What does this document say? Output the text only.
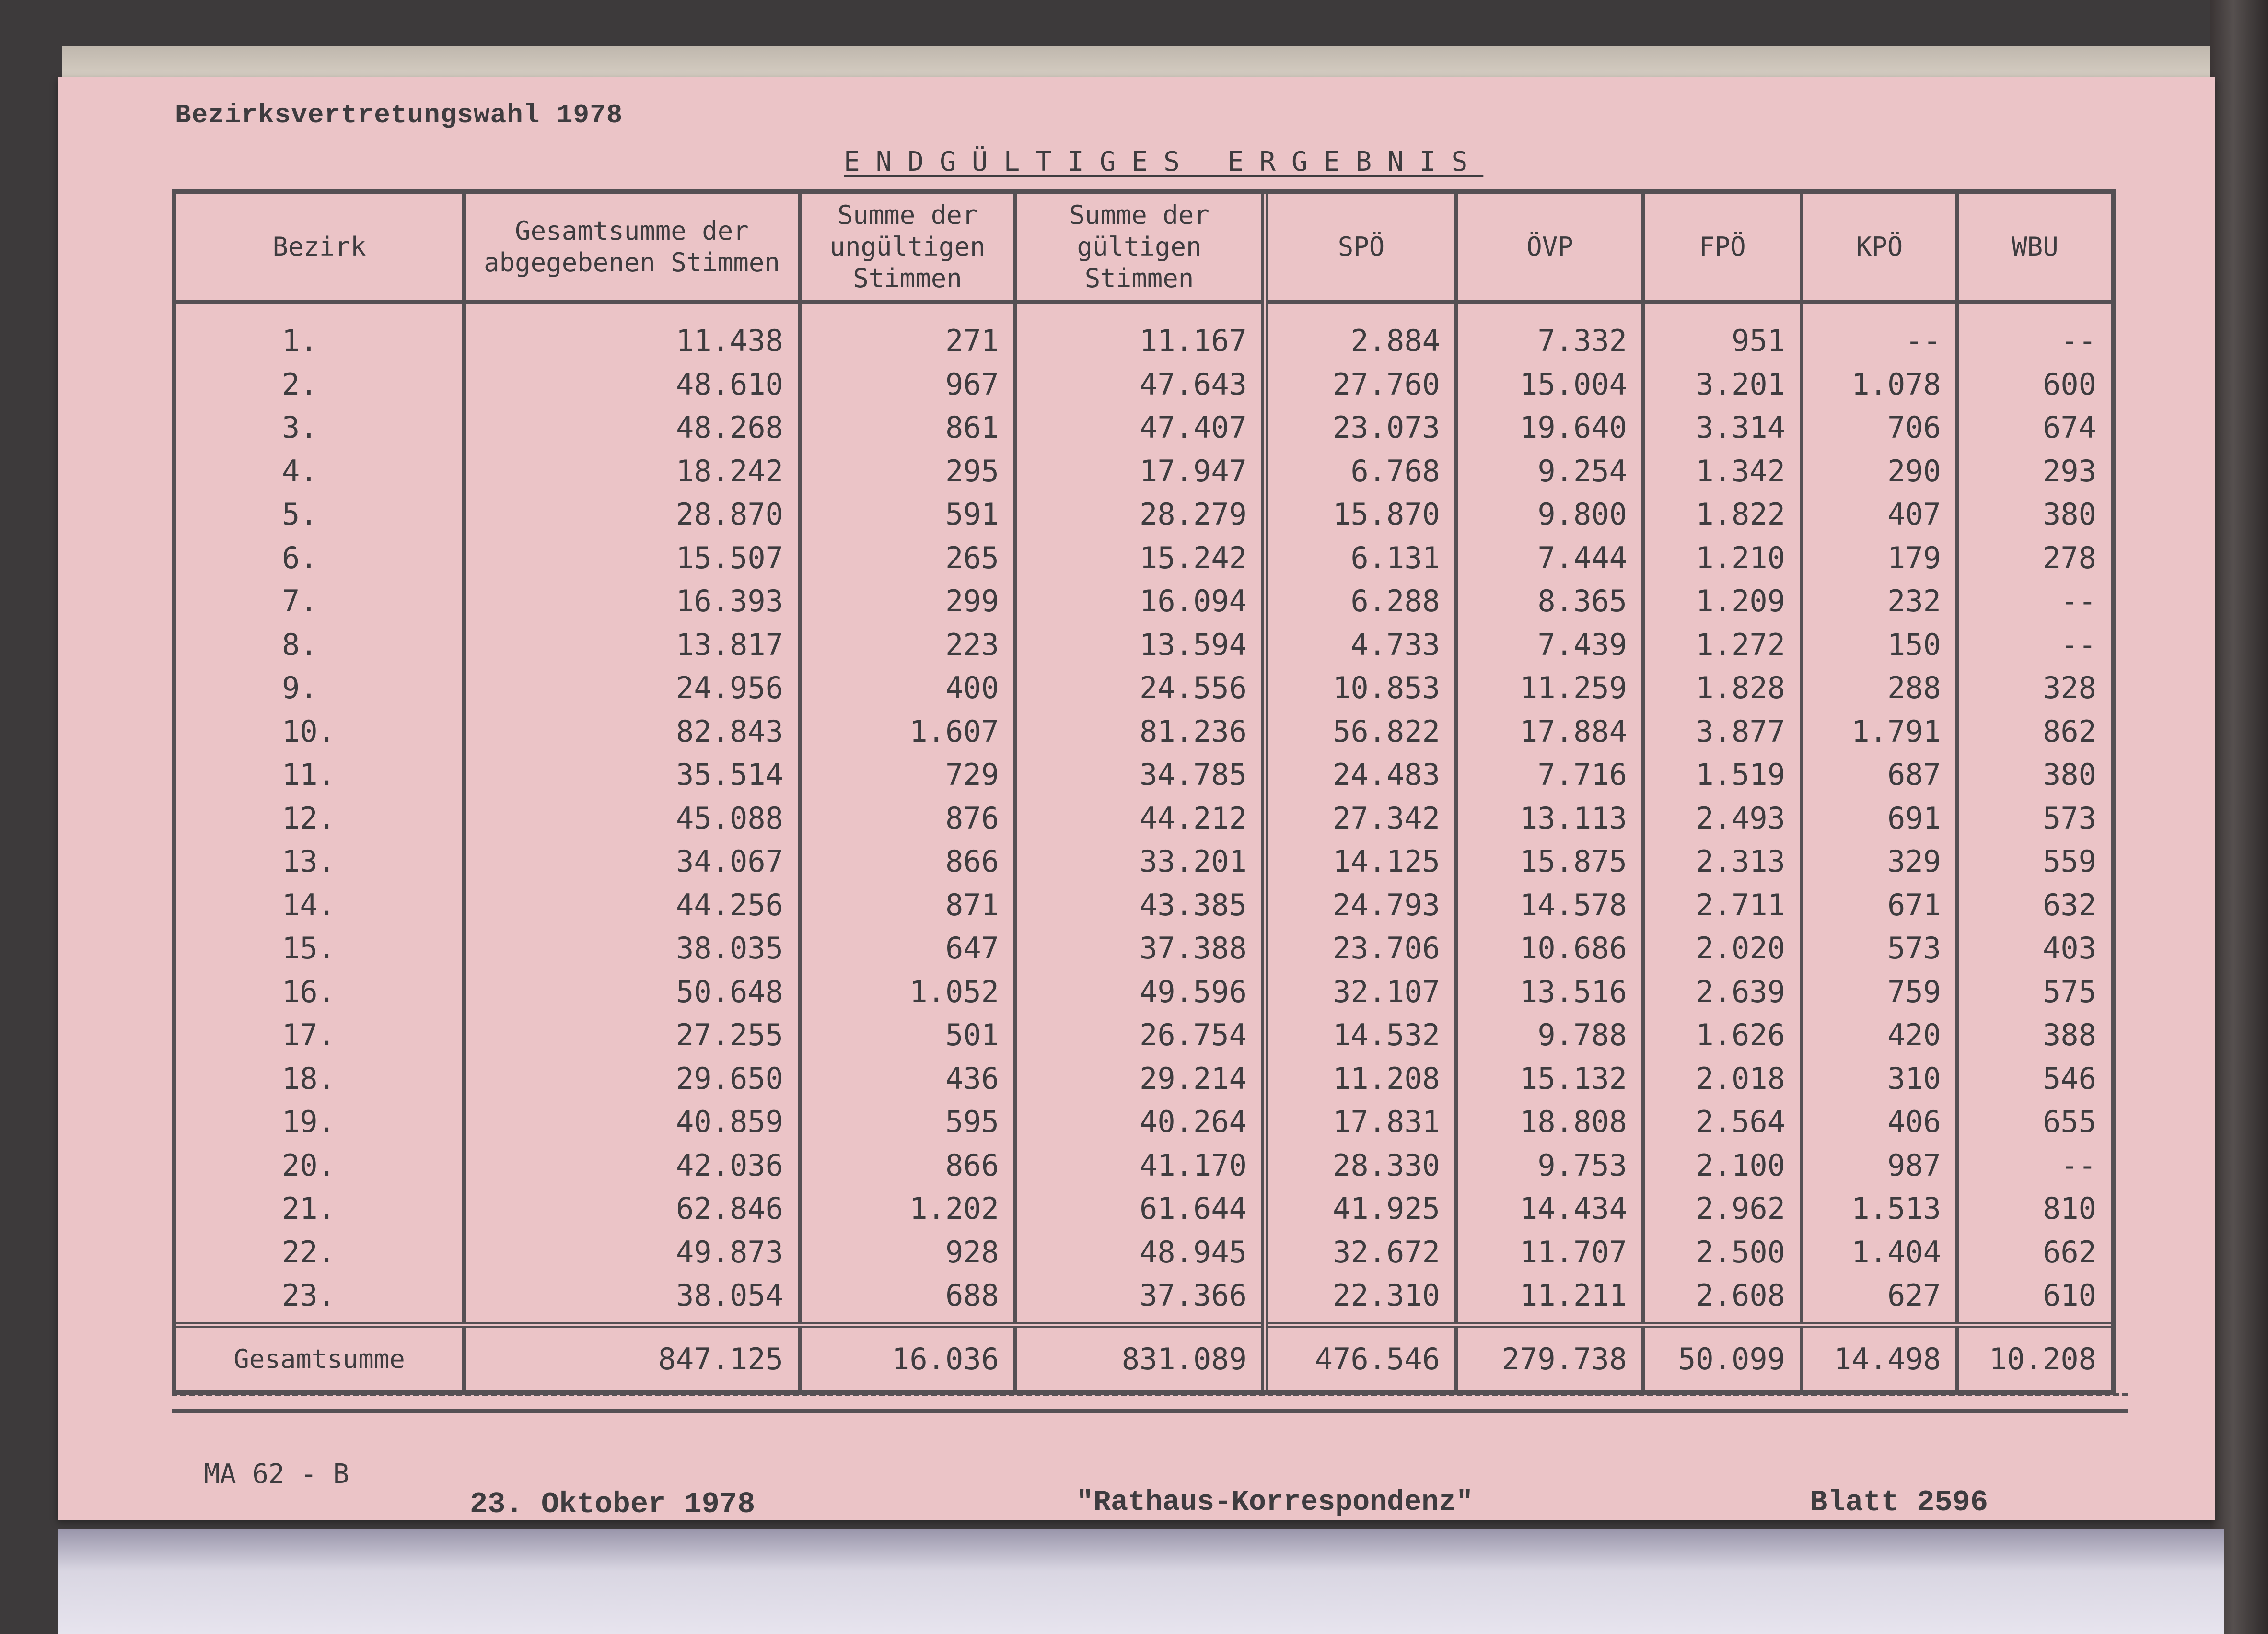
Bezirksvertretungswahl 1978
ENDGÜLTIGES ERGEBNIS
Bezirk	Gesamtsumme der abgegebenen Stimmen	Summe der ungültigen Stimmen	Summe der gültigen Stimmen	SPÖ	ÖVP	FPÖ	KPÖ	WBU
1.	11.438	271	11.167	2.884	7.332	951	--	--
2.	48.610	967	47.643	27.760	15.004	3.201	1.078	600
3.	48.268	861	47.407	23.073	19.640	3.314	706	674
4.	18.242	295	17.947	6.768	9.254	1.342	290	293
5.	28.870	591	28.279	15.870	9.800	1.822	407	380
6.	15.507	265	15.242	6.131	7.444	1.210	179	278
7.	16.393	299	16.094	6.288	8.365	1.209	232	--
8.	13.817	223	13.594	4.733	7.439	1.272	150	--
9.	24.956	400	24.556	10.853	11.259	1.828	288	328
10.	82.843	1.607	81.236	56.822	17.884	3.877	1.791	862
11.	35.514	729	34.785	24.483	7.716	1.519	687	380
12.	45.088	876	44.212	27.342	13.113	2.493	691	573
13.	34.067	866	33.201	14.125	15.875	2.313	329	559
14.	44.256	871	43.385	24.793	14.578	2.711	671	632
15.	38.035	647	37.388	23.706	10.686	2.020	573	403
16.	50.648	1.052	49.596	32.107	13.516	2.639	759	575
17.	27.255	501	26.754	14.532	9.788	1.626	420	388
18.	29.650	436	29.214	11.208	15.132	2.018	310	546
19.	40.859	595	40.264	17.831	18.808	2.564	406	655
20.	42.036	866	41.170	28.330	9.753	2.100	987	--
21.	62.846	1.202	61.644	41.925	14.434	2.962	1.513	810
22.	49.873	928	48.945	32.672	11.707	2.500	1.404	662
23.	38.054	688	37.366	22.310	11.211	2.608	627	610
Gesamtsumme	847.125	16.036	831.089	476.546	279.738	50.099	14.498	10.208
MA 62 - B
23. Oktober 1978	"Rathaus-Korrespondenz"	Blatt 2596
